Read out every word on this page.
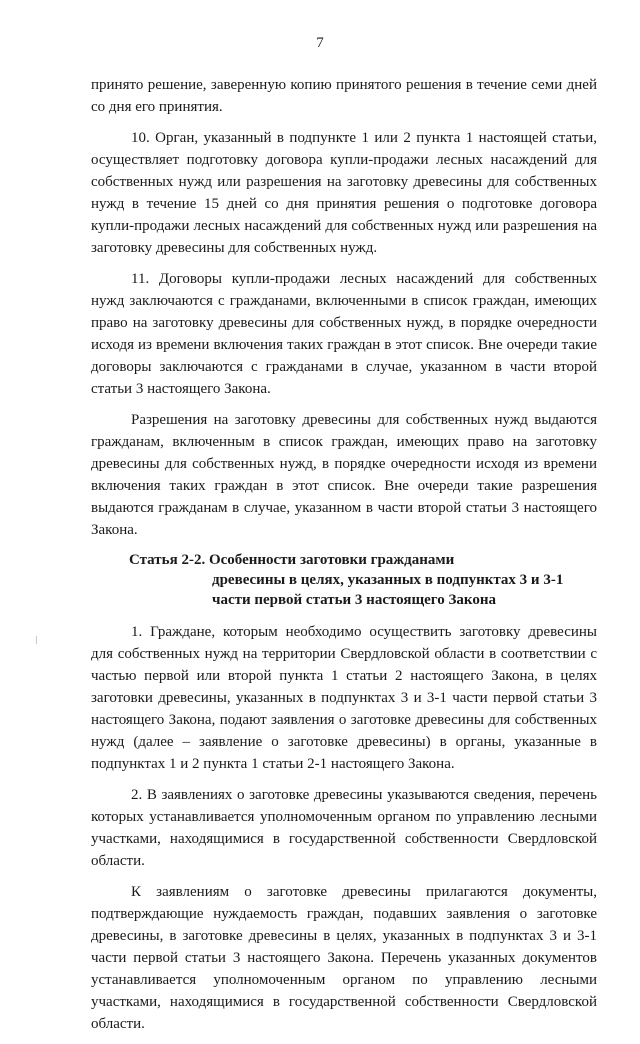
7

принято решение, заверенную копию принятого решения в течение семи дней со дня его принятия.

10. Орган, указанный в подпункте 1 или 2 пункта 1 настоящей статьи, осуществляет подготовку договора купли-продажи лесных насаждений для собственных нужд или разрешения на заготовку древесины для собственных нужд в течение 15 дней со дня принятия решения о подготовке договора купли-продажи лесных насаждений для собственных нужд или разрешения на заготовку древесины для собственных нужд.

11. Договоры купли-продажи лесных насаждений для собственных нужд заключаются с гражданами, включенными в список граждан, имеющих право на заготовку древесины для собственных нужд, в порядке очередности исходя из времени включения таких граждан в этот список. Вне очереди такие договоры заключаются с гражданами в случае, указанном в части второй статьи 3 настоящего Закона.

Разрешения на заготовку древесины для собственных нужд выдаются гражданам, включенным в список граждан, имеющих право на заготовку древесины для собственных нужд, в порядке очередности исходя из времени включения таких граждан в этот список. Вне очереди такие разрешения выдаются гражданам в случае, указанном в части второй статьи 3 настоящего Закона.

Статья 2-2. Особенности заготовки гражданами
древесины в целях, указанных в подпунктах 3 и 3-1
части первой статьи 3 настоящего Закона

1. Граждане, которым необходимо осуществить заготовку древесины для собственных нужд на территории Свердловской области в соответствии с частью первой или второй пункта 1 статьи 2 настоящего Закона, в целях заготовки древесины, указанных в подпунктах 3 и 3-1 части первой статьи 3 настоящего Закона, подают заявления о заготовке древесины для собственных нужд (далее – заявление о заготовке древесины) в органы, указанные в подпунктах 1 и 2 пункта 1 статьи 2-1 настоящего Закона.

2. В заявлениях о заготовке древесины указываются сведения, перечень которых устанавливается уполномоченным органом по управлению лесными участками, находящимися в государственной собственности Свердловской области.

К заявлениям о заготовке древесины прилагаются документы, подтверждающие нуждаемость граждан, подавших заявления о заготовке древесины, в заготовке древесины в целях, указанных в подпунктах 3 и 3-1 части первой статьи 3 настоящего Закона. Перечень указанных документов устанавливается уполномоченным органом по управлению лесными участками, находящимися в государственной собственности Свердловской области.
